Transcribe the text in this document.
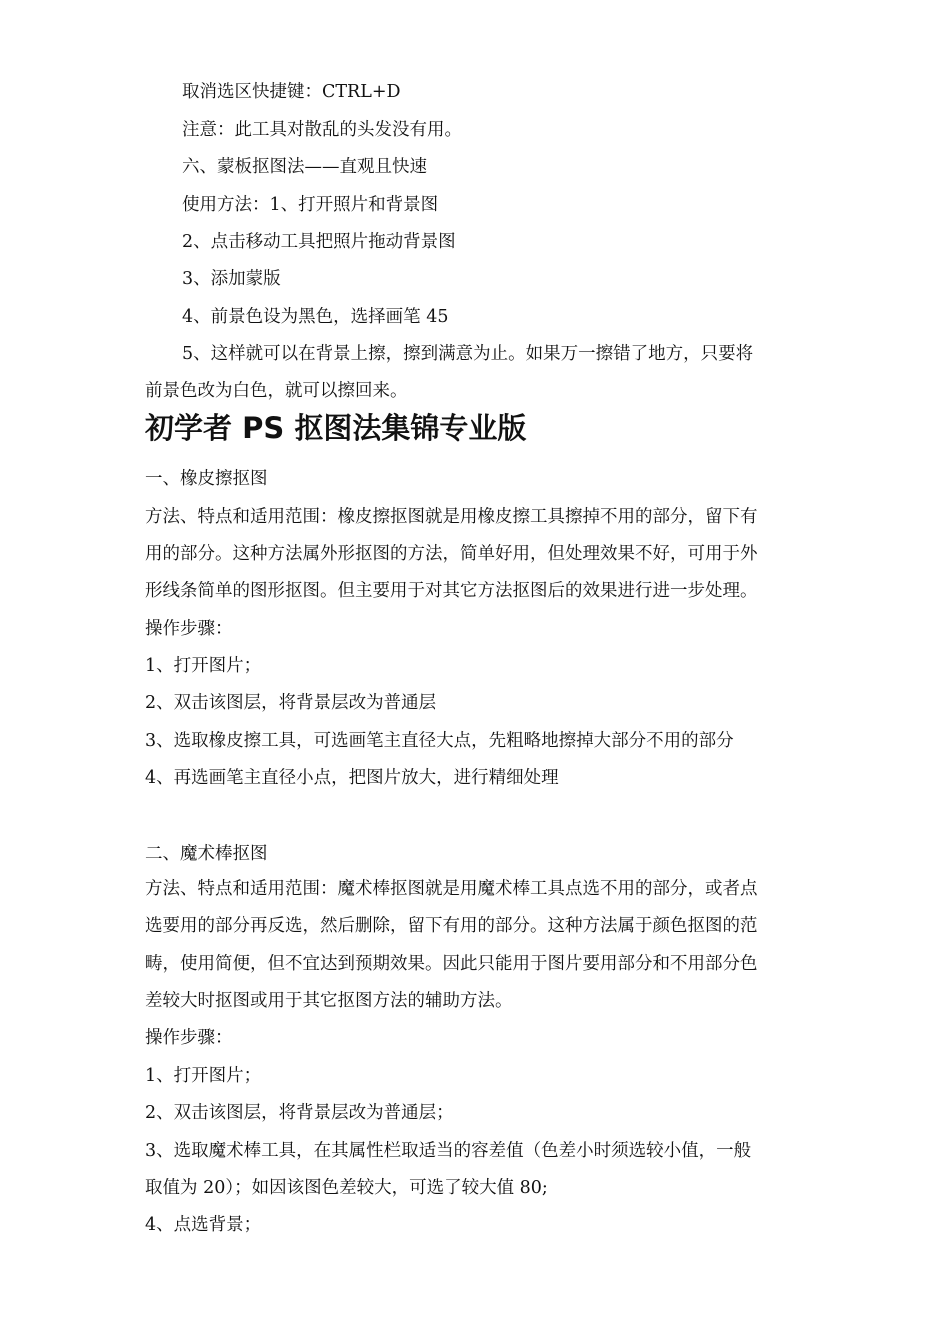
取消选区快捷键：CTRL+D
注意：此工具对散乱的头发没有用。
六、蒙板抠图法——直观且快速
使用方法：1、打开照片和背景图
2、点击移动工具把照片拖动背景图
3、添加蒙版
4、前景色设为黑色，选择画笔 45
5、这样就可以在背景上擦，擦到满意为止。如果万一擦错了地方，只要将
前景色改为白色，就可以擦回来。
初学者 PS 抠图法集锦专业版
一、橡皮擦抠图
方法、特点和适用范围：橡皮擦抠图就是用橡皮擦工具擦掉不用的部分，留下有
用的部分。这种方法属外形抠图的方法，简单好用，但处理效果不好，可用于外
形线条简单的图形抠图。但主要用于对其它方法抠图后的效果进行进一步处理。
操作步骤：
1、打开图片；
2、双击该图层，将背景层改为普通层
3、选取橡皮擦工具，可选画笔主直径大点，先粗略地擦掉大部分不用的部分
4、再选画笔主直径小点，把图片放大，进行精细处理
二、魔术棒抠图
方法、特点和适用范围：魔术棒抠图就是用魔术棒工具点选不用的部分，或者点
选要用的部分再反选，然后删除，留下有用的部分。这种方法属于颜色抠图的范
畴，使用简便，但不宜达到预期效果。因此只能用于图片要用部分和不用部分色
差较大时抠图或用于其它抠图方法的辅助方法。
操作步骤：
1、打开图片；
2、双击该图层，将背景层改为普通层；
3、选取魔术棒工具，在其属性栏取适当的容差值（色差小时须选较小值，一般
取值为 20）；如因该图色差较大，可选了较大值 80;
4、点选背景；
